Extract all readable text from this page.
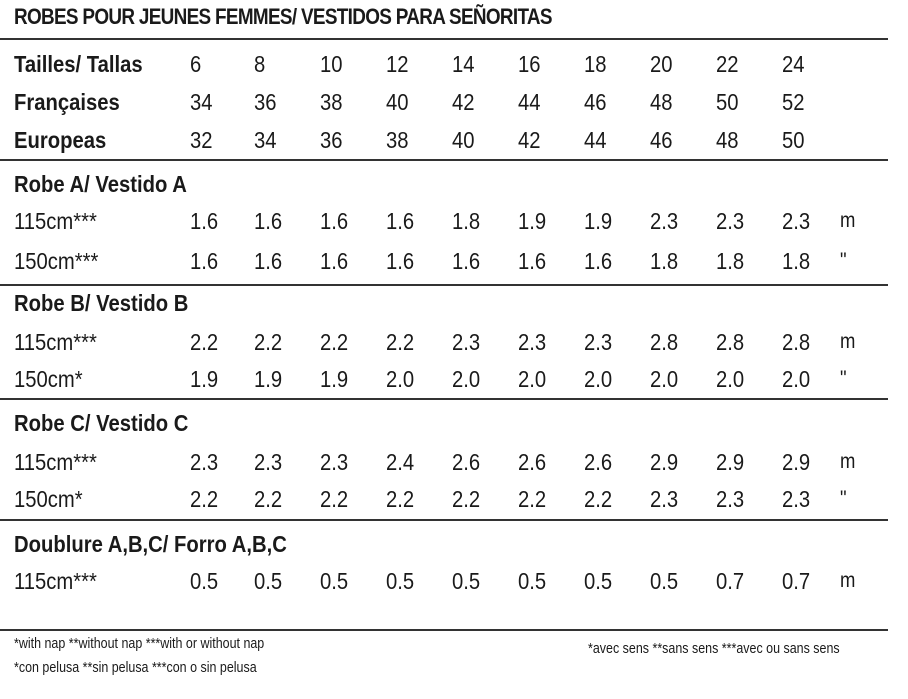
ROBES POUR JEUNES FEMMES/ VESTIDOS PARA SEÑORITAS
Tailles/ Tallas 6 8 10 12 14 16 18 20 22 24
Françaises	34 36 38 40 42 44 46 48 50 52
Europeas	32 34 36 38 40 42 44 46 48 50
Robe A/ Vestido A
115cm***	1.6 1.6 1.6 1.6 1.8 1.9 1.9 2.3 2.3 2.3 m
150cm***	1.6 1.6 1.6 1.6 1.6 1.6 1.6 1.8 1.8 1.8 "
Robe B/ Vestido B
115cm***	2.2 2.2 2.2 2.2 2.3 2.3 2.3 2.8 2.8 2.8 m
150cm*	1.9 1.9 1.9 2.0 2.0 2.0 2.0 2.0 2.0 2.0 "
Robe C/ Vestido C
115cm***	2.3 2.3 2.3 2.4 2.6 2.6 2.6 2.9 2.9 2.9 m
150cm*	2.2 2.2 2.2 2.2 2.2 2.2 2.2 2.3 2.3 2.3 "
Doublure A,B,C/ Forro A,B,C
115cm***	0.5 0.5 0.5 0.5 0.5 0.5 0.5 0.5 0.7 0.7 m
*with nap **without nap ***with or without nap
*con pelusa **sin pelusa ***con o sin pelusa
*avec sens **sans sens ***avec ou sans sens
